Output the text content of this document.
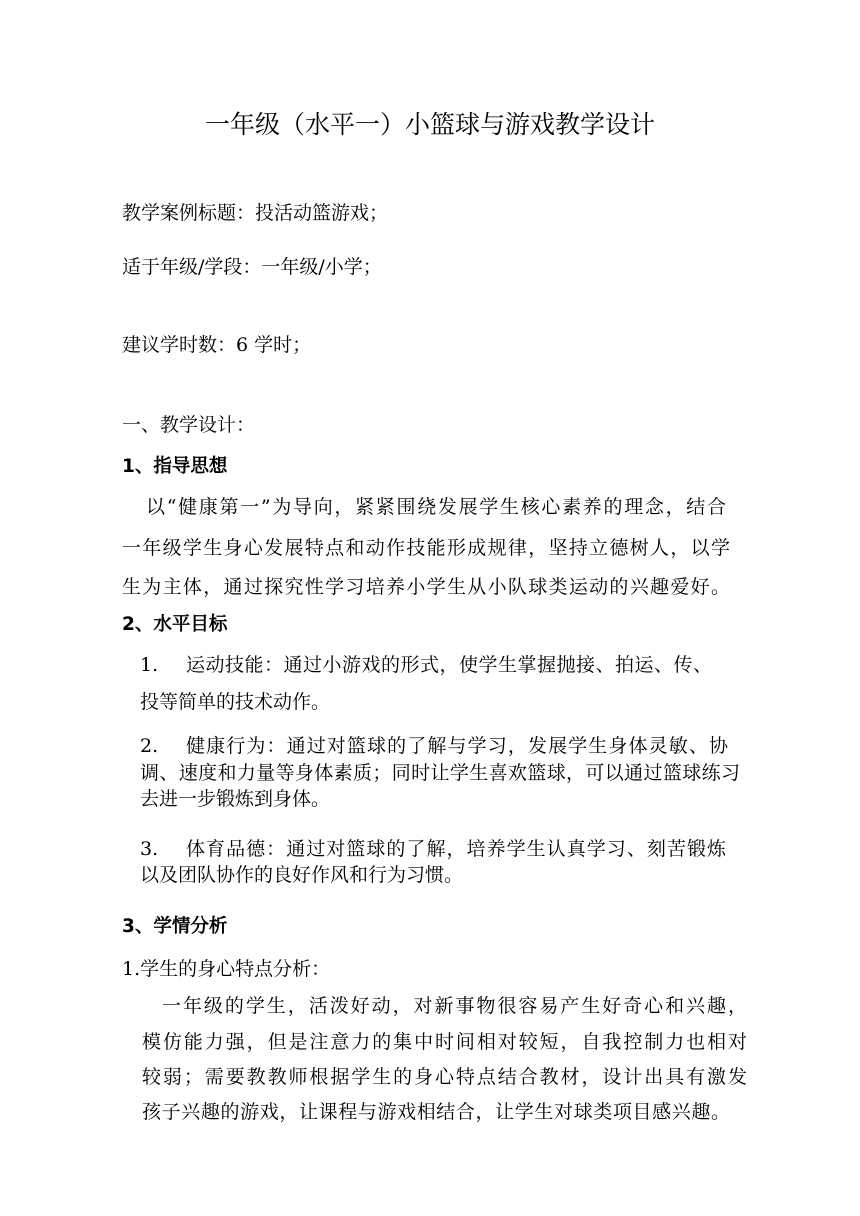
一年级（水平一）小篮球与游戏教学设计
教学案例标题：投活动篮游戏；
适于年级/学段：一年级/小学；
建议学时数：6 学时；
一、教学设计：
1、指导思想
以“健康第一”为导向，紧紧围绕发展学生核心素养的理念，结合
一年级学生身心发展特点和动作技能形成规律，坚持立德树人，以学
生为主体，通过探究性学习培养小学生从小队球类运动的兴趣爱好。
2、水平目标
1. 运动技能：通过小游戏的形式，使学生掌握抛接、拍运、传、
投等简单的技术动作。
2. 健康行为：通过对篮球的了解与学习，发展学生身体灵敏、协
调、速度和力量等身体素质；同时让学生喜欢篮球，可以通过篮球练习
去进一步锻炼到身体。
3. 体育品德：通过对篮球的了解，培养学生认真学习、刻苦锻炼
以及团队协作的良好作风和行为习惯。
3、学情分析
1.学生的身心特点分析：
一年级的学生，活泼好动，对新事物很容易产生好奇心和兴趣，
模仿能力强，但是注意力的集中时间相对较短，自我控制力也相对
较弱；需要教教师根据学生的身心特点结合教材，设计出具有激发
孩子兴趣的游戏，让课程与游戏相结合，让学生对球类项目感兴趣。
